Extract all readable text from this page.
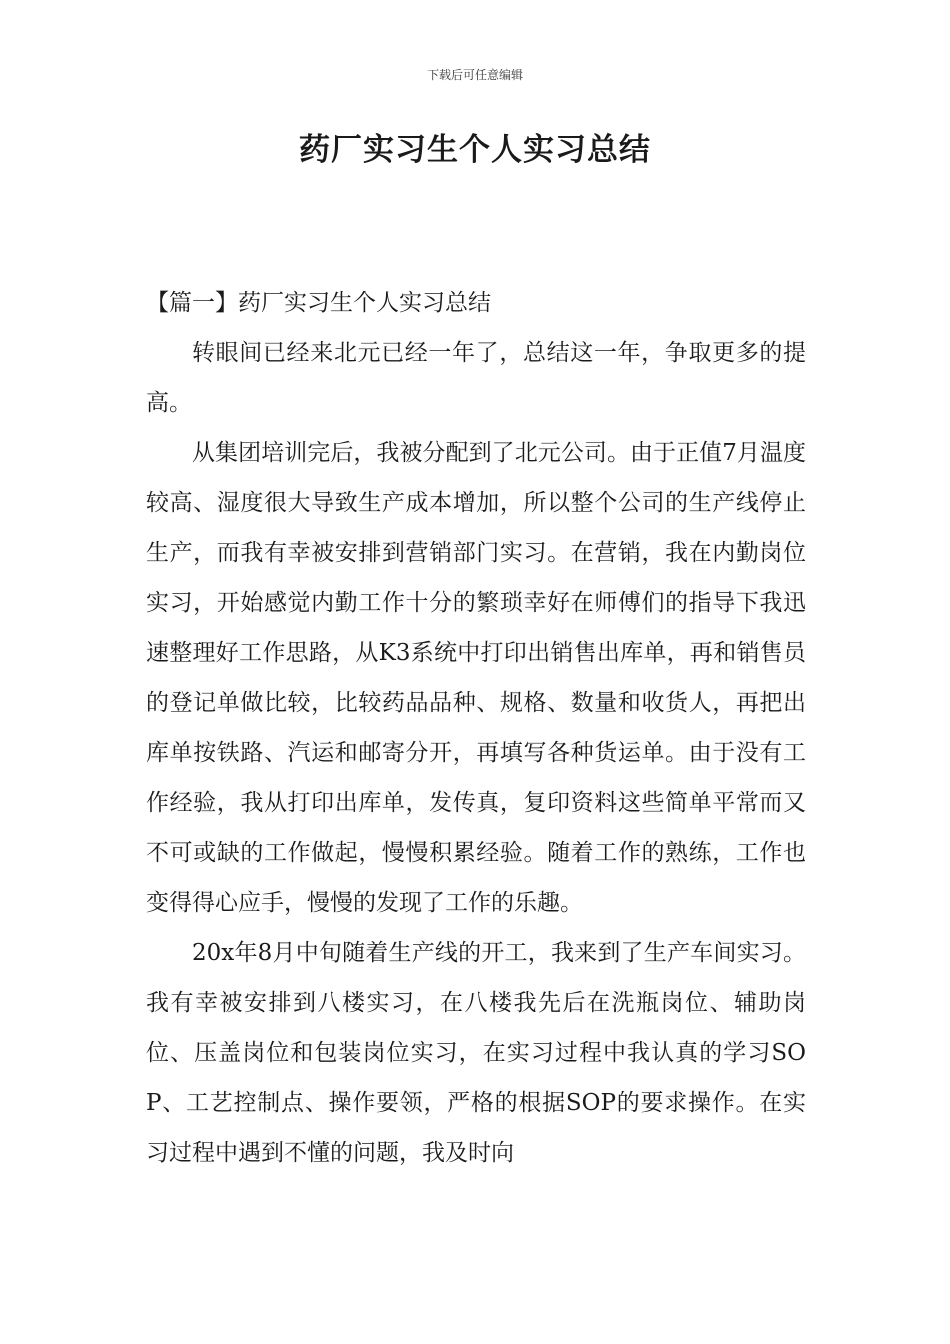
下载后可任意编辑
药厂实习生个人实习总结

【篇一】药厂实习生个人实习总结

转眼间已经来北元已经一年了，总结这一年，争取更多的提高。

从集团培训完后，我被分配到了北元公司。由于正值7月温度较高、湿度很大导致生产成本增加，所以整个公司的生产线停止生产，而我有幸被安排到营销部门实习。在营销，我在内勤岗位实习，开始感觉内勤工作十分的繁琐幸好在师傅们的指导下我迅速整理好工作思路，从K3系统中打印出销售出库单，再和销售员的登记单做比较，比较药品品种、规格、数量和收货人，再把出库单按铁路、汽运和邮寄分开，再填写各种货运单。由于没有工作经验，我从打印出库单，发传真，复印资料这些简单平常而又不可或缺的工作做起，慢慢积累经验。随着工作的熟练，工作也变得得心应手，慢慢的发现了工作的乐趣。

20x年8月中旬随着生产线的开工，我来到了生产车间实习。我有幸被安排到八楼实习，在八楼我先后在洗瓶岗位、辅助岗位、压盖岗位和包装岗位实习，在实习过程中我认真的学习SOP、工艺控制点、操作要领，严格的根据SOP的要求操作。在实习过程中遇到不懂的问题，我及时向
